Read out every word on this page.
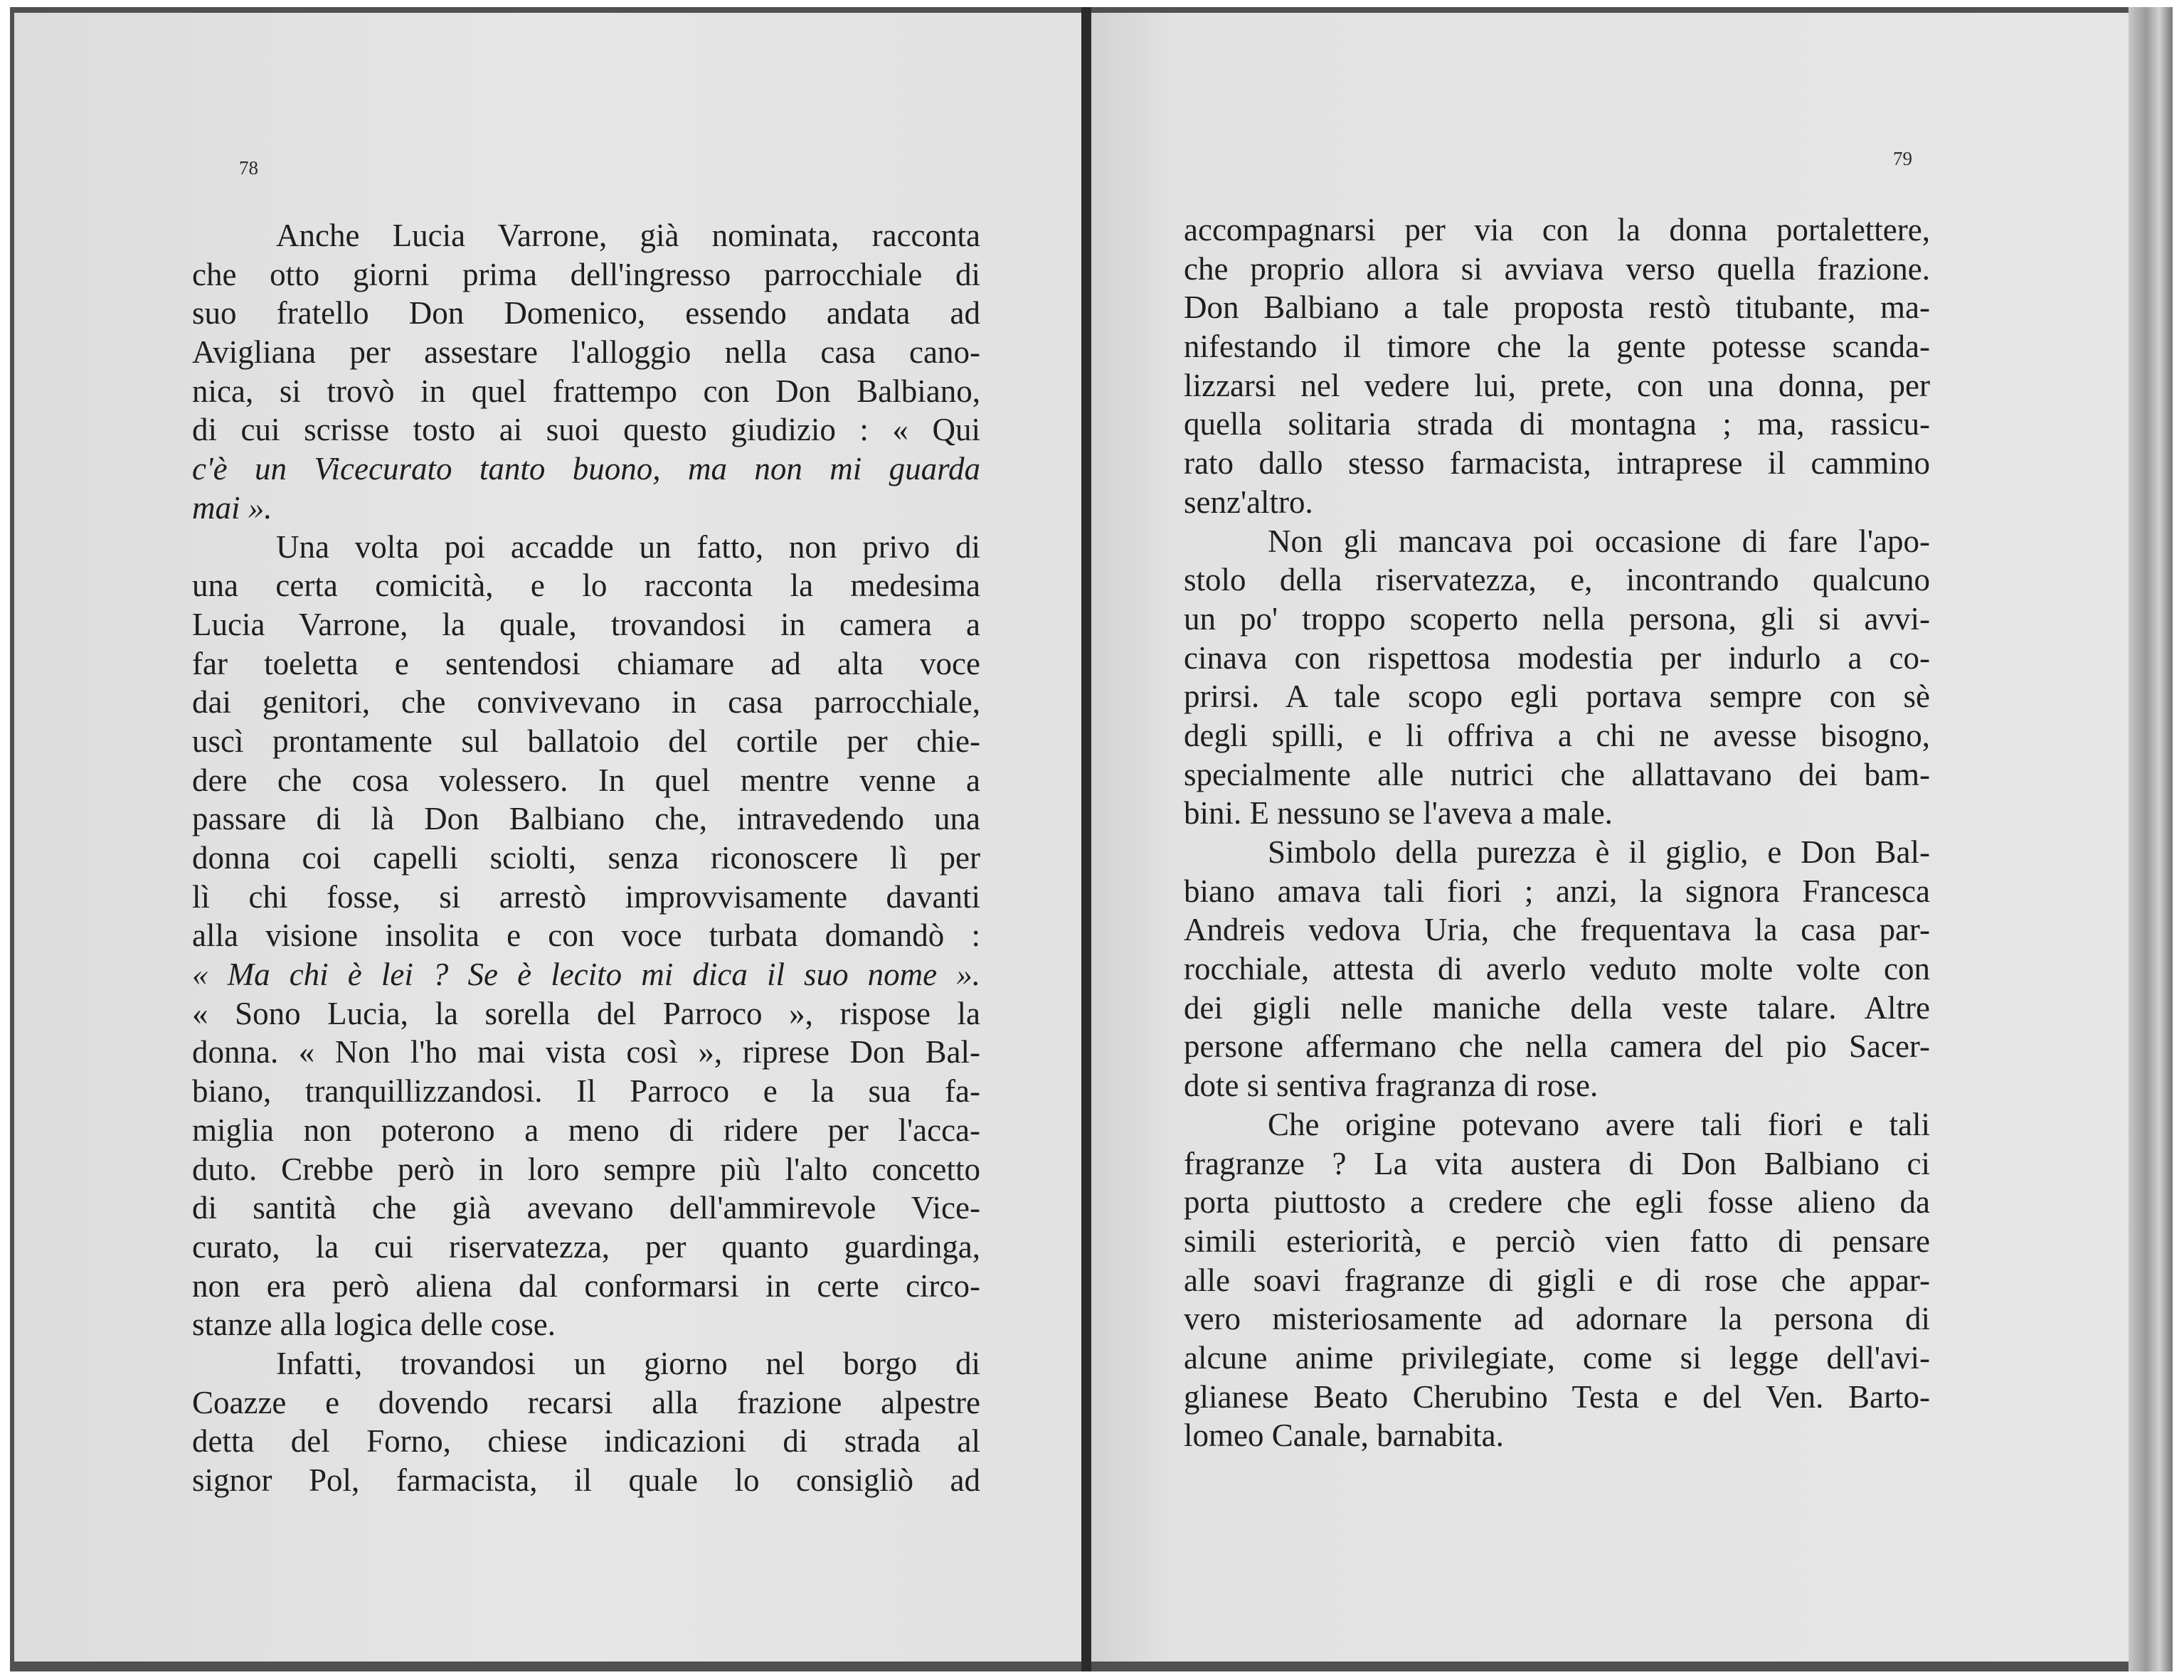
78
Anche Lucia Varrone, già nominata, racconta
che otto giorni prima dell'ingresso parrocchiale di
suo fratello Don Domenico, essendo andata ad
Avigliana per assestare l'alloggio nella casa cano-
nica, si trovò in quel frattempo con Don Balbiano,
di cui scrisse tosto ai suoi questo giudizio : « Qui
c'è un Vicecurato tanto buono, ma non mi guarda
mai ».
Una volta poi accadde un fatto, non privo di
una certa comicità, e lo racconta la medesima
Lucia Varrone, la quale, trovandosi in camera a
far toeletta e sentendosi chiamare ad alta voce
dai genitori, che convivevano in casa parrocchiale,
uscì prontamente sul ballatoio del cortile per chie-
dere che cosa volessero. In quel mentre venne a
passare di là Don Balbiano che, intravedendo una
donna coi capelli sciolti, senza riconoscere lì per
lì chi fosse, si arrestò improvvisamente davanti
alla visione insolita e con voce turbata domandò :
« Ma chi è lei ? Se è lecito mi dica il suo nome ».
« Sono Lucia, la sorella del Parroco », rispose la
donna. « Non l'ho mai vista così », riprese Don Bal-
biano, tranquillizzandosi. Il Parroco e la sua fa-
miglia non poterono a meno di ridere per l'acca-
duto. Crebbe però in loro sempre più l'alto concetto
di santità che già avevano dell'ammirevole Vice-
curato, la cui riservatezza, per quanto guardinga,
non era però aliena dal conformarsi in certe circo-
stanze alla logica delle cose.
Infatti, trovandosi un giorno nel borgo di
Coazze e dovendo recarsi alla frazione alpestre
detta del Forno, chiese indicazioni di strada al
signor Pol, farmacista, il quale lo consigliò ad
79
accompagnarsi per via con la donna portalettere,
che proprio allora si avviava verso quella frazione.
Don Balbiano a tale proposta restò titubante, ma-
nifestando il timore che la gente potesse scanda-
lizzarsi nel vedere lui, prete, con una donna, per
quella solitaria strada di montagna ; ma, rassicu-
rato dallo stesso farmacista, intraprese il cammino
senz'altro.
Non gli mancava poi occasione di fare l'apo-
stolo della riservatezza, e, incontrando qualcuno
un po' troppo scoperto nella persona, gli si avvi-
cinava con rispettosa modestia per indurlo a co-
prirsi. A tale scopo egli portava sempre con sè
degli spilli, e li offriva a chi ne avesse bisogno,
specialmente alle nutrici che allattavano dei bam-
bini. E nessuno se l'aveva a male.
Simbolo della purezza è il giglio, e Don Bal-
biano amava tali fiori ; anzi, la signora Francesca
Andreis vedova Uria, che frequentava la casa par-
rocchiale, attesta di averlo veduto molte volte con
dei gigli nelle maniche della veste talare. Altre
persone affermano che nella camera del pio Sacer-
dote si sentiva fragranza di rose.
Che origine potevano avere tali fiori e tali
fragranze ? La vita austera di Don Balbiano ci
porta piuttosto a credere che egli fosse alieno da
simili esteriorità, e perciò vien fatto di pensare
alle soavi fragranze di gigli e di rose che appar-
vero misteriosamente ad adornare la persona di
alcune anime privilegiate, come si legge dell'avi-
glianese Beato Cherubino Testa e del Ven. Barto-
lomeo Canale, barnabita.
